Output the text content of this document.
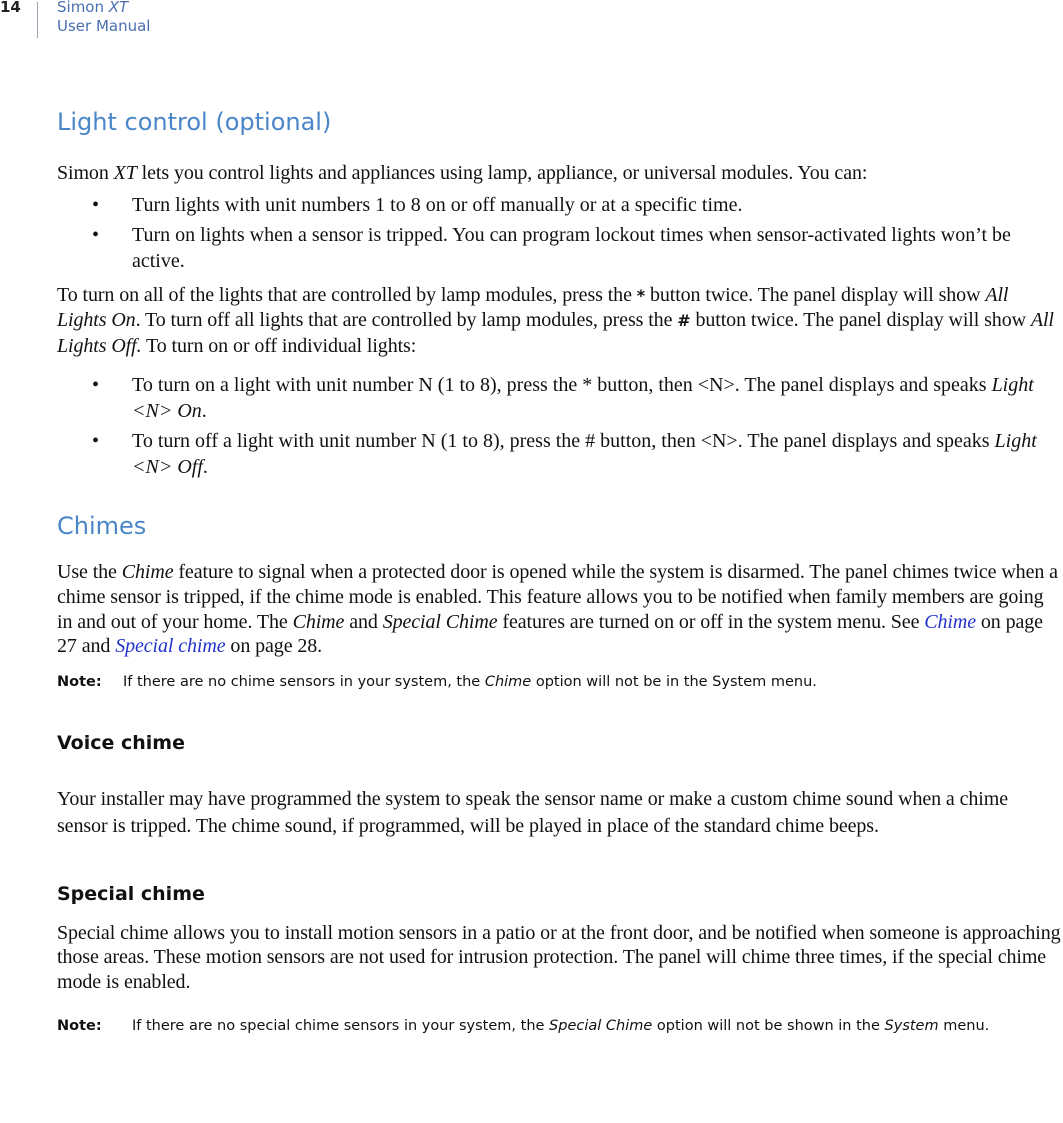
14 Simon XT
User Manual
Light control (optional)

Simon XT lets you control lights and appliances using lamp, appliance, or universal modules. You can:

• Turn lights with unit numbers 1 to 8 on or off manually or at a specific time.
• Turn on lights when a sensor is tripped. You can program lockout times when sensor-activated lights won’t be active.

To turn on all of the lights that are controlled by lamp modules, press the * button twice. The panel display will show All Lights On. To turn off all lights that are controlled by lamp modules, press the # button twice. The panel display will show All Lights Off. To turn on or off individual lights:

• To turn on a light with unit number N (1 to 8), press the * button, then <N>. The panel displays and speaks Light <N> On.
• To turn off a light with unit number N (1 to 8), press the # button, then <N>. The panel displays and speaks Light <N> Off.
Chimes

Use the Chime feature to signal when a protected door is opened while the system is disarmed. The panel chimes twice when a chime sensor is tripped, if the chime mode is enabled. This feature allows you to be notified when family members are going in and out of your home. The Chime and Special Chime features are turned on or off in the system menu. See Chime on page 27 and Special chime on page 28.

Note: If there are no chime sensors in your system, the Chime option will not be in the System menu.

Voice chime

Your installer may have programmed the system to speak the sensor name or make a custom chime sound when a chime sensor is tripped. The chime sound, if programmed, will be played in place of the standard chime beeps.

Special chime

Special chime allows you to install motion sensors in a patio or at the front door, and be notified when someone is approaching those areas. These motion sensors are not used for intrusion protection. The panel will chime three times, if the special chime mode is enabled.

Note: If there are no special chime sensors in your system, the Special Chime option will not be shown in the System menu.
